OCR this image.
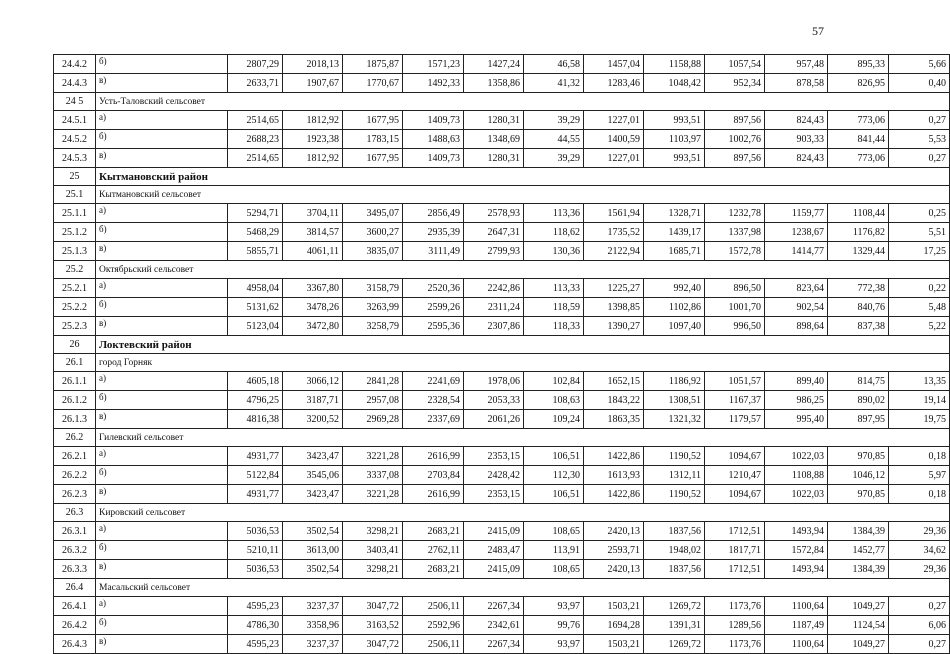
57
24.4.2	б)	2807,29	2018,13	1875,87	1571,23	1427,24	46,58	1457,04	1158,88	1057,54	957,48	895,33	5,66
24.4.3	в)	2633,71	1907,67	1770,67	1492,33	1358,86	41,32	1283,46	1048,42	952,34	878,58	826,95	0,40
24 5	Усть-Таловский сельсовет												
24.5.1	а)	2514,65	1812,92	1677,95	1409,73	1280,31	39,29	1227,01	993,51	897,56	824,43	773,06	0,27
24.5.2	б)	2688,23	1923,38	1783,15	1488,63	1348,69	44,55	1400,59	1103,97	1002,76	903,33	841,44	5,53
24.5.3	в)	2514,65	1812,92	1677,95	1409,73	1280,31	39,29	1227,01	993,51	897,56	824,43	773,06	0,27
25	Кытмановский район												
25.1	Кытмановский сельсовет												
25.1.1	а)	5294,71	3704,11	3495,07	2856,49	2578,93	113,36	1561,94	1328,71	1232,78	1159,77	1108,44	0,25
25.1.2	б)	5468,29	3814,57	3600,27	2935,39	2647,31	118,62	1735,52	1439,17	1337,98	1238,67	1176,82	5,51
25.1.3	в)	5855,71	4061,11	3835,07	3111,49	2799,93	130,36	2122,94	1685,71	1572,78	1414,77	1329,44	17,25
25.2	Октябрьский сельсовет												
25.2.1	а)	4958,04	3367,80	3158,79	2520,36	2242,86	113,33	1225,27	992,40	896,50	823,64	772,38	0,22
25.2.2	б)	5131,62	3478,26	3263,99	2599,26	2311,24	118,59	1398,85	1102,86	1001,70	902,54	840,76	5,48
25.2.3	в)	5123,04	3472,80	3258,79	2595,36	2307,86	118,33	1390,27	1097,40	996,50	898,64	837,38	5,22
26	Локтевский район												
26.1	город Горняк												
26.1.1	а)	4605,18	3066,12	2841,28	2241,69	1978,06	102,84	1652,15	1186,92	1051,57	899,40	814,75	13,35
26.1.2	б)	4796,25	3187,71	2957,08	2328,54	2053,33	108,63	1843,22	1308,51	1167,37	986,25	890,02	19,14
26.1.3	в)	4816,38	3200,52	2969,28	2337,69	2061,26	109,24	1863,35	1321,32	1179,57	995,40	897,95	19,75
26.2	Гилевский сельсовет												
26.2.1	а)	4931,77	3423,47	3221,28	2616,99	2353,15	106,51	1422,86	1190,52	1094,67	1022,03	970,85	0,18
26.2.2	б)	5122,84	3545,06	3337,08	2703,84	2428,42	112,30	1613,93	1312,11	1210,47	1108,88	1046,12	5,97
26.2.3	в)	4931,77	3423,47	3221,28	2616,99	2353,15	106,51	1422,86	1190,52	1094,67	1022,03	970,85	0,18
26.3	Кировский сельсовет												
26.3.1	а)	5036,53	3502,54	3298,21	2683,21	2415,09	108,65	2420,13	1837,56	1712,51	1493,94	1384,39	29,36
26.3.2	б)	5210,11	3613,00	3403,41	2762,11	2483,47	113,91	2593,71	1948,02	1817,71	1572,84	1452,77	34,62
26.3.3	в)	5036,53	3502,54	3298,21	2683,21	2415,09	108,65	2420,13	1837,56	1712,51	1493,94	1384,39	29,36
26.4	Масальский сельсовет												
26.4.1	а)	4595,23	3237,37	3047,72	2506,11	2267,34	93,97	1503,21	1269,72	1173,76	1100,64	1049,27	0,27
26.4.2	б)	4786,30	3358,96	3163,52	2592,96	2342,61	99,76	1694,28	1391,31	1289,56	1187,49	1124,54	6,06
26.4.3	в)	4595,23	3237,37	3047,72	2506,11	2267,34	93,97	1503,21	1269,72	1173,76	1100,64	1049,27	0,27
